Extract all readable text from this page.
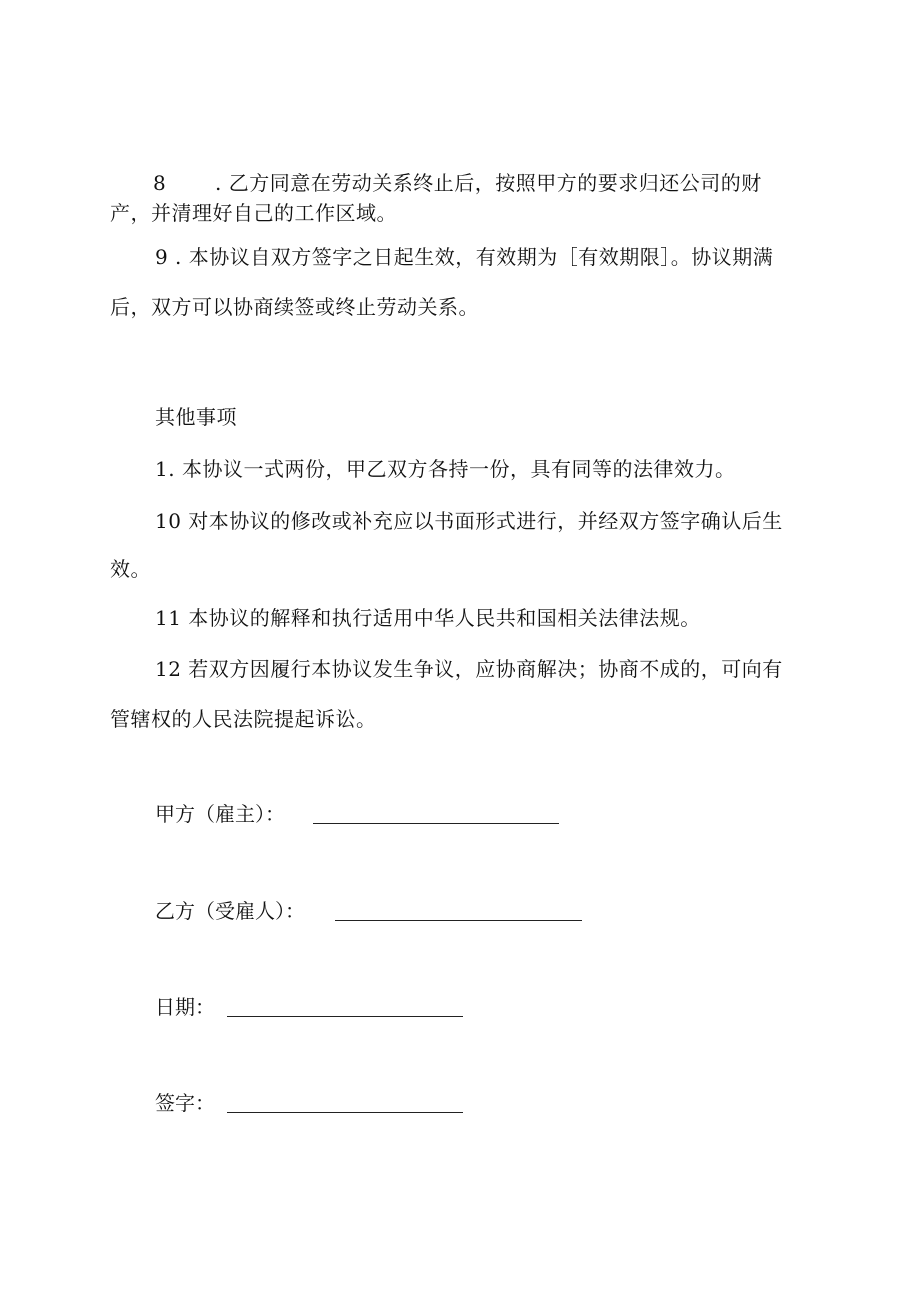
8 . 乙方同意在劳动关系终止后，按照甲方的要求归还公司的财
产，并清理好自己的工作区域。
9 . 本协议自双方签字之日起生效，有效期为［有效期限］。协议期满
后，双方可以协商续签或终止劳动关系。
其他事项
1. 本协议一式两份，甲乙双方各持一份，具有同等的法律效力。
10 对本协议的修改或补充应以书面形式进行，并经双方签字确认后生
效。
11 本协议的解释和执行适用中华人民共和国相关法律法规。
12 若双方因履行本协议发生争议，应协商解决；协商不成的，可向有
管辖权的人民法院提起诉讼。
甲方（雇主）：
乙方（受雇人）：
日期：
签字：
